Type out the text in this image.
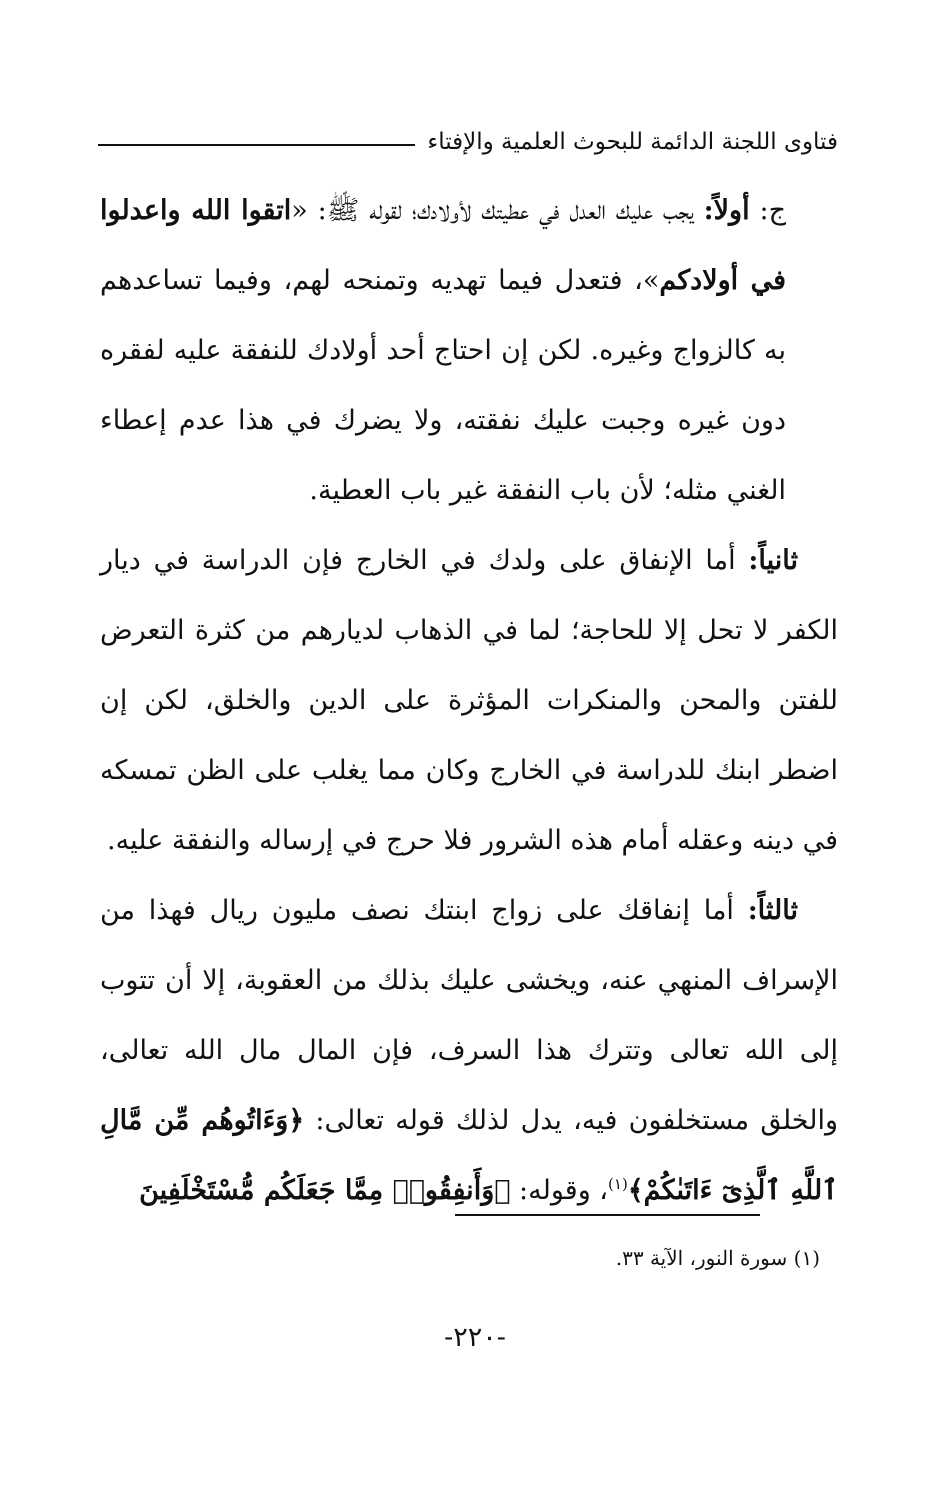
فتاوى اللجنة الدائمة للبحوث العلمية والإفتاء

ج: أولاً: يجب عليك العدل في عطيتك لأولادك؛ لقوله ﷺ: «اتقوا الله واعدلوا في أولادكم»، فتعدل فيما تهديه وتمنحه لهم، وفيما تساعدهم به كالزواج وغيره. لكن إن احتاج أحد أولادك للنفقة عليه لفقره دون غيره وجبت عليك نفقته، ولا يضرك في هذا عدم إعطاء الغني مثله؛ لأن باب النفقة غير باب العطية.

ثانياً: أما الإنفاق على ولدك في الخارج فإن الدراسة في ديار الكفر لا تحل إلا للحاجة؛ لما في الذهاب لديارهم من كثرة التعرض للفتن والمحن والمنكرات المؤثرة على الدين والخلق، لكن إن اضطر ابنك للدراسة في الخارج وكان مما يغلب على الظن تمسكه في دينه وعقله أمام هذه الشرور فلا حرج في إرساله والنفقة عليه.

ثالثاً: أما إنفاقك على زواج ابنتك نصف مليون ريال فهذا من الإسراف المنهي عنه، ويخشى عليك بذلك من العقوبة، إلا أن تتوب إلى الله تعالى وتترك هذا السرف، فإن المال مال الله تعالى، والخلق مستخلفون فيه، يدل لذلك قوله تعالى: ﴿وَءَاتُوهُم مِّن مَّالِ ٱللَّهِ ٱلَّذِىٓ ءَاتَىٰكُمْ﴾$^{(١)}$، وقوله: ﴿وَأَنفِقُوا۟ مِمَّا جَعَلَكُم مُّسْتَخْلَفِينَ

(١) سورة النور، الآية ٣٣.
-٢٢٠-
